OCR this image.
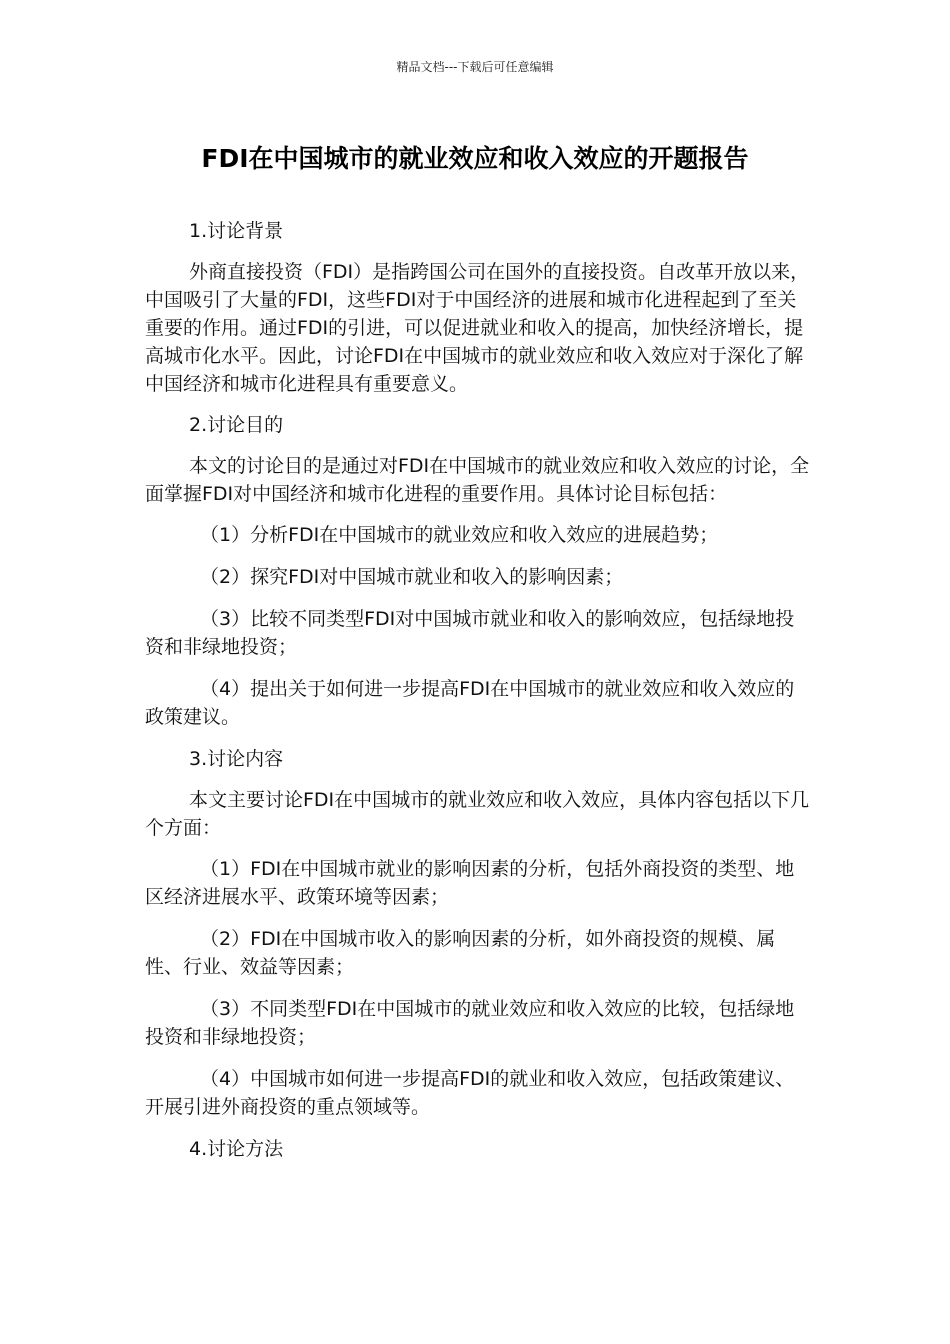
精品文档---下载后可任意编辑
FDI在中国城市的就业效应和收入效应的开题报告

1.讨论背景

外商直接投资（FDI）是指跨国公司在国外的直接投资。自改革开放以来，中国吸引了大量的FDI，这些FDI对于中国经济的进展和城市化进程起到了至关重要的作用。通过FDI的引进，可以促进就业和收入的提高，加快经济增长，提高城市化水平。因此，讨论FDI在中国城市的就业效应和收入效应对于深化了解中国经济和城市化进程具有重要意义。

2.讨论目的

本文的讨论目的是通过对FDI在中国城市的就业效应和收入效应的讨论，全面掌握FDI对中国经济和城市化进程的重要作用。具体讨论目标包括：

（1）分析FDI在中国城市的就业效应和收入效应的进展趋势；

（2）探究FDI对中国城市就业和收入的影响因素；

（3）比较不同类型FDI对中国城市就业和收入的影响效应，包括绿地投资和非绿地投资；

（4）提出关于如何进一步提高FDI在中国城市的就业效应和收入效应的政策建议。

3.讨论内容

本文主要讨论FDI在中国城市的就业效应和收入效应，具体内容包括以下几个方面：

（1）FDI在中国城市就业的影响因素的分析，包括外商投资的类型、地区经济进展水平、政策环境等因素；

（2）FDI在中国城市收入的影响因素的分析，如外商投资的规模、属性、行业、效益等因素；

（3）不同类型FDI在中国城市的就业效应和收入效应的比较，包括绿地投资和非绿地投资；

（4）中国城市如何进一步提高FDI的就业和收入效应，包括政策建议、开展引进外商投资的重点领域等。

4.讨论方法
